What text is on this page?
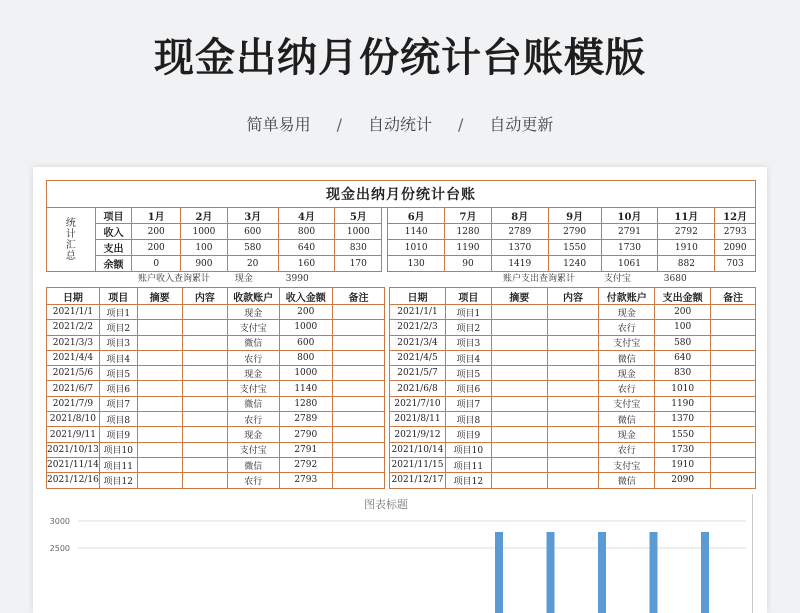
现金出纳月份统计台账模版
简单易用 / 自动统计 / 自动更新
现金出纳月份统计台账														

统
计
汇
总	项目	1月	2月	3月	4月	5月		6月	7月	8月	9月	10月	11月	12月
	收入	200	1000	600	800	1000		1140	1280	2789	2790	2791	2792	2793
	支出	200	100	580	640	830		1010	1190	1370	1550	1730	1910	2090
	余额	0	900	20	160	170		130	90	1419	1240	1061	882	703
账户收入查询累计	现金	3990	账户支出查询累计	支付宝	3680
日期	项目	摘要	内容	收款账户	收入金额	备注
2021/1/1	项目1			现金	200	
2021/2/2	项目2			支付宝	1000	
2021/3/3	项目3			微信	600	
2021/4/4	项目4			农行	800	
2021/5/6	项目5			现金	1000	
2021/6/7	项目6			支付宝	1140	
2021/7/9	项目7			微信	1280	
2021/8/10	项目8			农行	2789	
2021/9/11	项目9			现金	2790	
2021/10/13	项目10			支付宝	2791	
2021/11/14	项目11			微信	2792	
2021/12/16	项目12			农行	2793	
日期	项目	摘要	内容	付款账户	支出金额	备注
2021/1/1	项目1			现金	200	
2021/2/3	项目2			农行	100	
2021/3/4	项目3			支付宝	580	
2021/4/5	项目4			微信	640	
2021/5/7	项目5			现金	830	
2021/6/8	项目6			农行	1010	
2021/7/10	项目7			支付宝	1190	
2021/8/11	项目8			微信	1370	
2021/9/12	项目9			现金	1550	
2021/10/14	项目10			农行	1730	
2021/11/15	项目11			支付宝	1910	
2021/12/17	项目12			微信	2090	
图表标题
3000
2500
